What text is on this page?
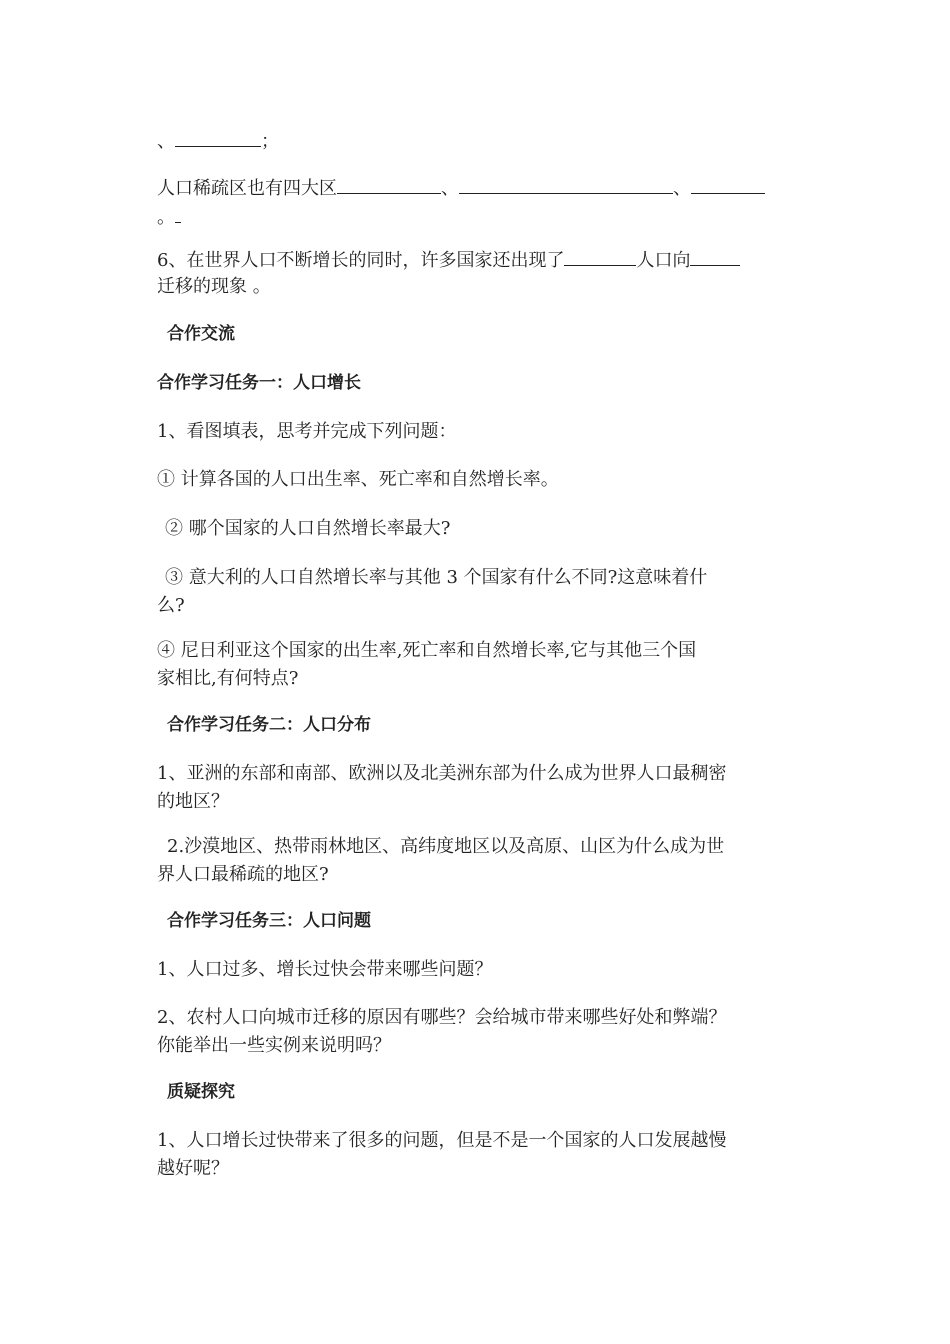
、	；
人口稀疏区也有四大区	、	、
。
6、在世界人口不断增长的同时，许多国家还出现了	人口向
迁移的现象 。
合作交流
合作学习任务一：人口增长
1、看图填表，思考并完成下列问题：
① 计算各国的人口出生率、死亡率和自然增长率。
② 哪个国家的人口自然增长率最大?
③ 意大利的人口自然增长率与其他 3 个国家有什么不同?这意味着什
么?
④ 尼日利亚这个国家的出生率,死亡率和自然增长率,它与其他三个国
家相比,有何特点?
合作学习任务二：人口分布
1、亚洲的东部和南部、欧洲以及北美洲东部为什么成为世界人口最稠密
的地区？
2.沙漠地区、热带雨林地区、高纬度地区以及高原、山区为什么成为世
界人口最稀疏的地区?
合作学习任务三：人口问题
1、人口过多、增长过快会带来哪些问题？
2、农村人口向城市迁移的原因有哪些？会给城市带来哪些好处和弊端？
你能举出一些实例来说明吗？
质疑探究
1、人口增长过快带来了很多的问题，但是不是一个国家的人口发展越慢
越好呢？
